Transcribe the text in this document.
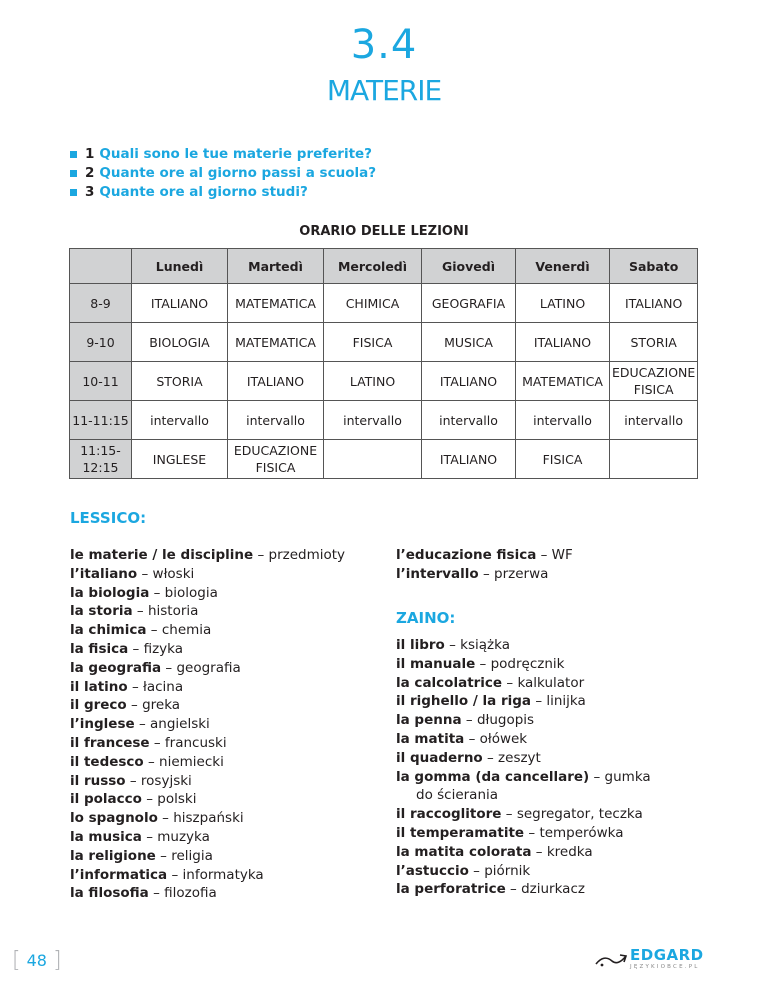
3.4
MATERIE
1 Quali sono le tue materie preferite?
2 Quante ore al giorno passi a scuola?
3 Quante ore al giorno studi?
ORARIO DELLE LEZIONI
	Lunedì	Martedì	Mercoledì	Giovedì	Venerdì	Sabato
8-9	ITALIANO	MATEMATICA	CHIMICA	GEOGRAFIA	LATINO	ITALIANO
9-10	BIOLOGIA	MATEMATICA	FISICA	MUSICA	ITALIANO	STORIA
10-11	STORIA	ITALIANO	LATINO	ITALIANO	MATEMATICA	EDUCAZIONE FISICA
11-11:15	intervallo	intervallo	intervallo	intervallo	intervallo	intervallo
11:15-12:15	INGLESE	EDUCAZIONE FISICA		ITALIANO	FISICA	
LESSICO:
le materie / le discipline – przedmioty
l’italiano – włoski
la biologia – biologia
la storia – historia
la chimica – chemia
la fisica – fizyka
la geografia – geografia
il latino – łacina
il greco – greka
l’inglese – angielski
il francese – francuski
il tedesco – niemiecki
il russo – rosyjski
il polacco – polski
lo spagnolo – hiszpański
la musica – muzyka
la religione – religia
l’informatica – informatyka
la filosofia – filozofia
l’educazione fisica – WF
l’intervallo – przerwa
ZAINO:
il libro – książka
il manuale – podręcznik
la calcolatrice – kalkulator
il righello / la riga – linijka
la penna – długopis
la matita – ołówek
il quaderno – zeszyt
la gomma (da cancellare) – gumka
do ścierania
il raccoglitore – segregator, teczka
il temperamatite – temperówka
la matita colorata – kredka
l’astuccio – piórnik
la perforatrice – dziurkacz
[ 48 ]	EDGARD
JĘZYKIOBCE.PL
